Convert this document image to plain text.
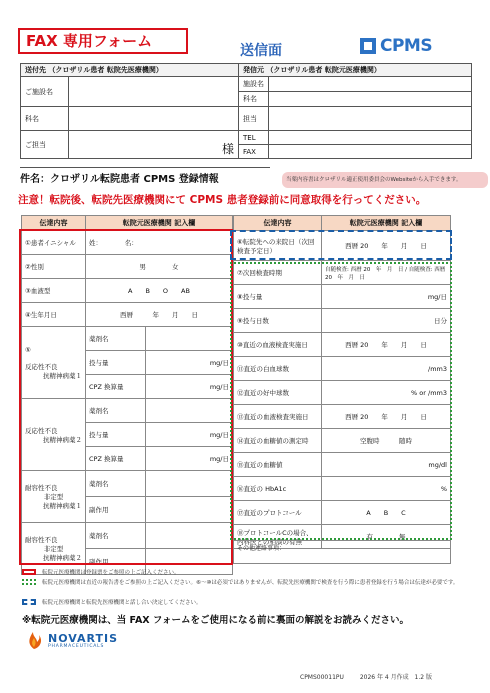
FAX 専用フォーム
送信面	CPMS
送付先 （クロザリル患者 転院先医療機関）		発信元 （クロザリル患者 転院元医療機関）	
ご施設名		施設名	
		科名	
科名		担当	
ご担当	様	TEL	
		FAX	
件名：クロザリル転院患者 CPMS 登録情報	当薬内容書はクロザリル適正使用委員会のWebsiteから入手できます。
注意！転院後、転院先医療機関にて CPMS 患者登録前に同意取得を行ってください。
伝達内容	転院元医療機関 記入欄	
①患者イニシャル	姓：　　　　名：	
②性別	男　　　　女	
③血液型	A　　B　　O　　AB	
④生年月日	西暦　　　年　　月　　日	

⑤
反応性不良
抗精神病薬１	薬剤名	
	投与量	mg/日
	CPZ 換算量	mg/日

反応性不良
抗精神病薬２	薬剤名	
	投与量	mg/日
	CPZ 換算量	mg/日

耐容性不良
非定型
抗精神病薬１	薬剤名	
	副作用	

耐容性不良
非定型
抗精神病薬２	薬剤名	
	副作用	
伝達内容	転院元医療機関 記入欄
⑥転院先への来院日（次回検査予定日）	西暦 20　　年　　月　　日
⑦次回検査時期	自随検査: 西暦 20　年　月　日 / 自随検査: 西暦 20　年　月　日
⑧投与量	mg/日
⑨投与日数	日分
⑩直近の血液検査実施日	西暦 20　　年　　月　　日
⑪直近の白血球数	/mm3
⑫直近の好中球数	% or /mm3
⑬直近の血液検査実施日	西暦 20　　年　　月　　日
⑭直近の血糖値の測定時	空腹時　　　随時
⑮直近の血糖値	mg/dl
⑯直近の HbA1c	%
⑰直近のプロトコール	A　　B　　C
⑱プロトコールCの場合、内科医との相談の有無	有　　　　無
その他連絡事項：
転院元医療機関は登録票をご参照の上ご記入ください。
転院元医療機関は直近の報告書をご参照の上ご記入ください。⑥〜⑩は必須ではありませんが、転院先医療機関で検査を行う際に患者登録を行う場合は伝達が必要です。
転院元医療機関と転院先医療機関と話し合い決定してください。
※転院元医療機関は、当 FAX フォームをご使用になる前に裏面の解説をお読みください。
NOVARTIS
PHARMACEUTICALS
CPMS00011PU	2026 年 4 月作成 1.2 版
